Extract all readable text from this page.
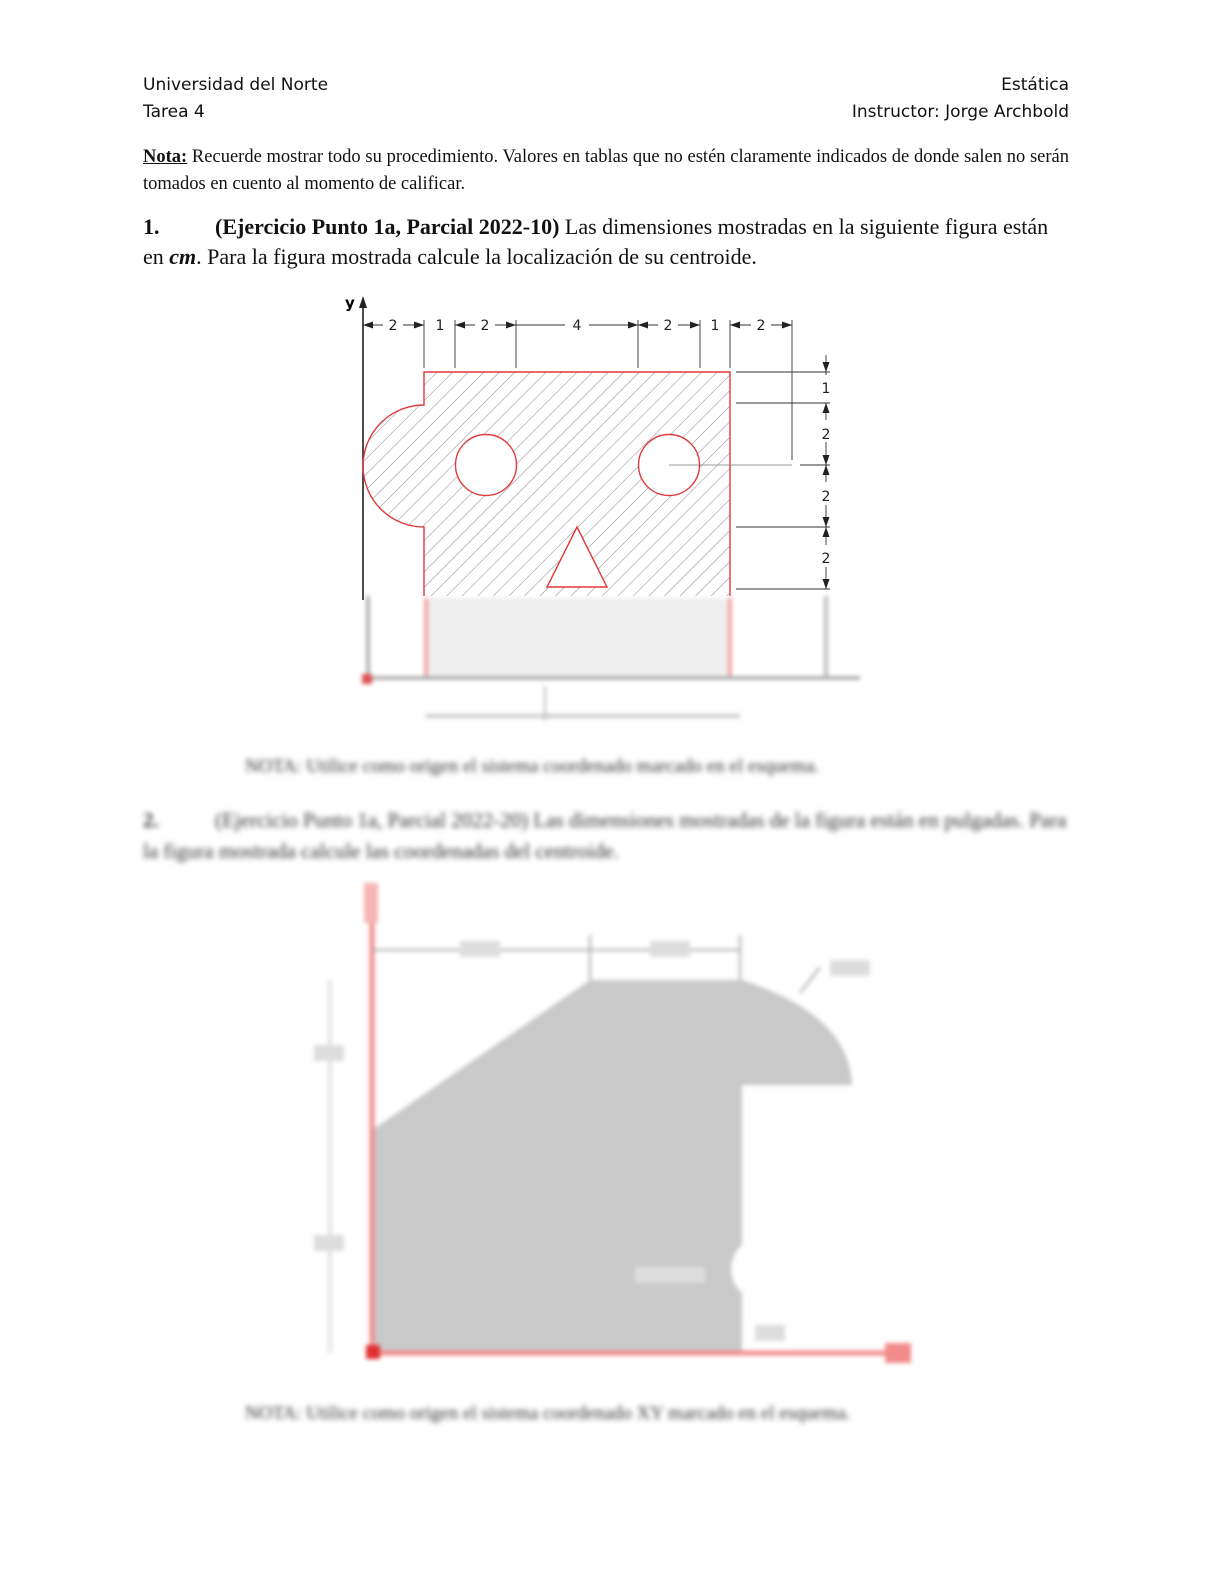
Universidad del Norte
Tarea 4
Estática
Instructor: Jorge Archbold
Nota: Recuerde mostrar todo su procedimiento. Valores en tablas que no estén claramente indicados de donde salen no serán tomados en cuento al momento de calificar.
1.	(Ejercicio Punto 1a, Parcial 2022-10) Las dimensiones mostradas en la siguiente figura están en cm. Para la figura mostrada calcule la localización de su centroide.
y
2	1	2	4	2	1	2
1
2
2
2
NOTA: Utilice como origen el sistema coordenado marcado en el esquema.
2.	(Ejercicio Punto 1a, Parcial 2022-20) Las dimensiones mostradas de la figura están en pulgadas. Para la figura mostrada calcule las coordenadas del centroide.
NOTA: Utilice como origen el sistema coordenado XY marcado en el esquema.
